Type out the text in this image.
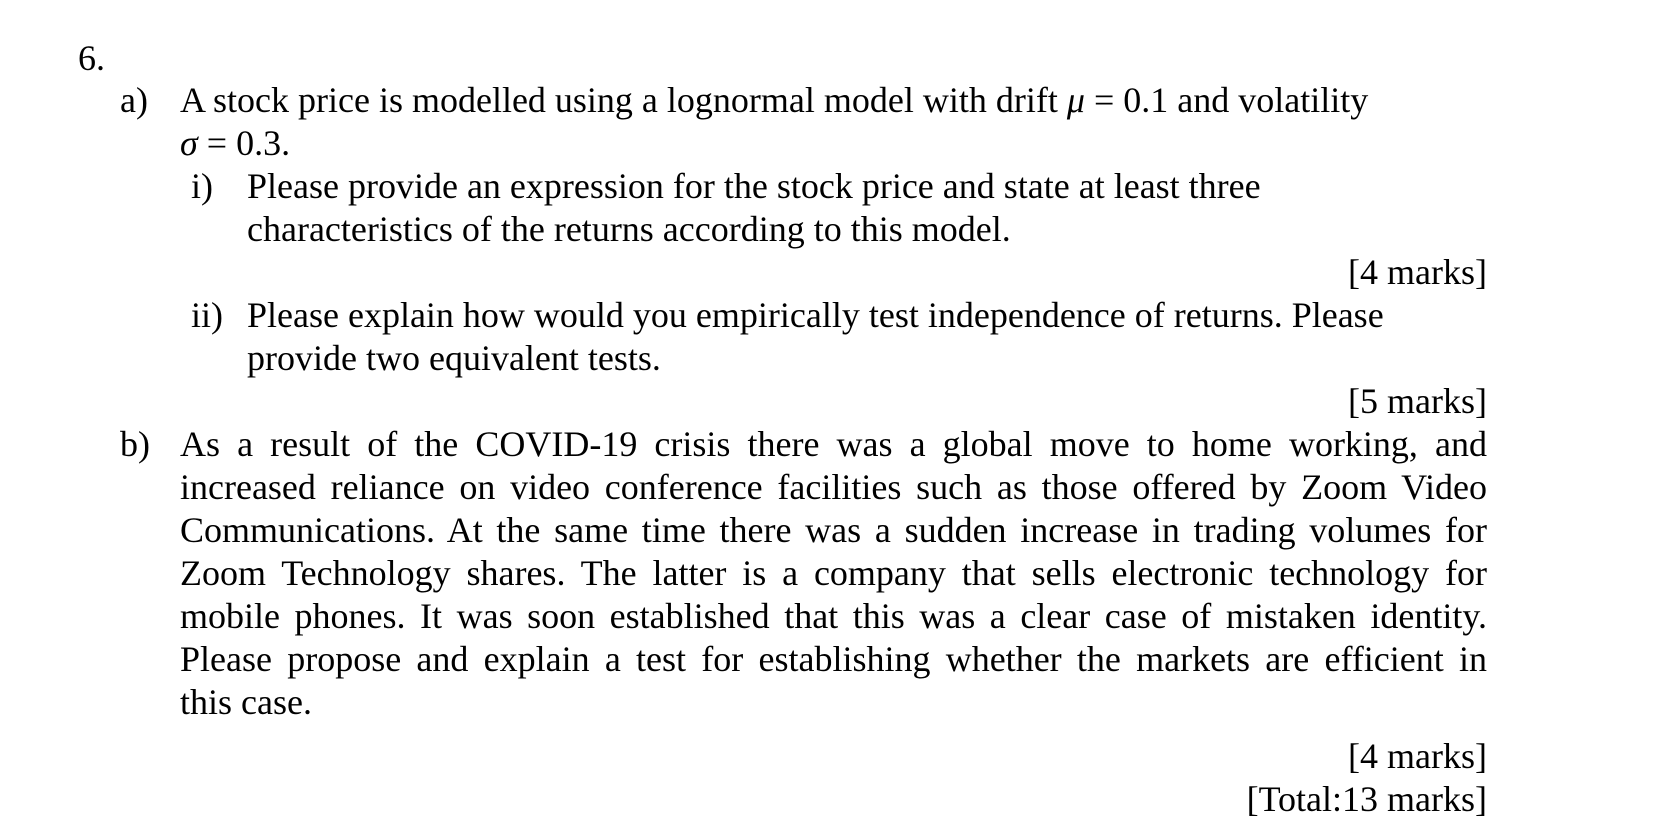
6.
a) A stock price is modelled using a lognormal model with drift μ = 0.1 and volatility
σ = 0.3.
i) Please provide an expression for the stock price and state at least three
characteristics of the returns according to this model.
[4 marks]
ii) Please explain how would you empirically test independence of returns. Please
provide two equivalent tests.
[5 marks]
b) As a result of the COVID-19 crisis there was a global move to home working, and
increased reliance on video conference facilities such as those offered by Zoom Video
Communications. At the same time there was a sudden increase in trading volumes for
Zoom Technology shares. The latter is a company that sells electronic technology for
mobile phones. It was soon established that this was a clear case of mistaken identity.
Please propose and explain a test for establishing whether the markets are efficient in
this case.
[4 marks]
[Total:13 marks]
